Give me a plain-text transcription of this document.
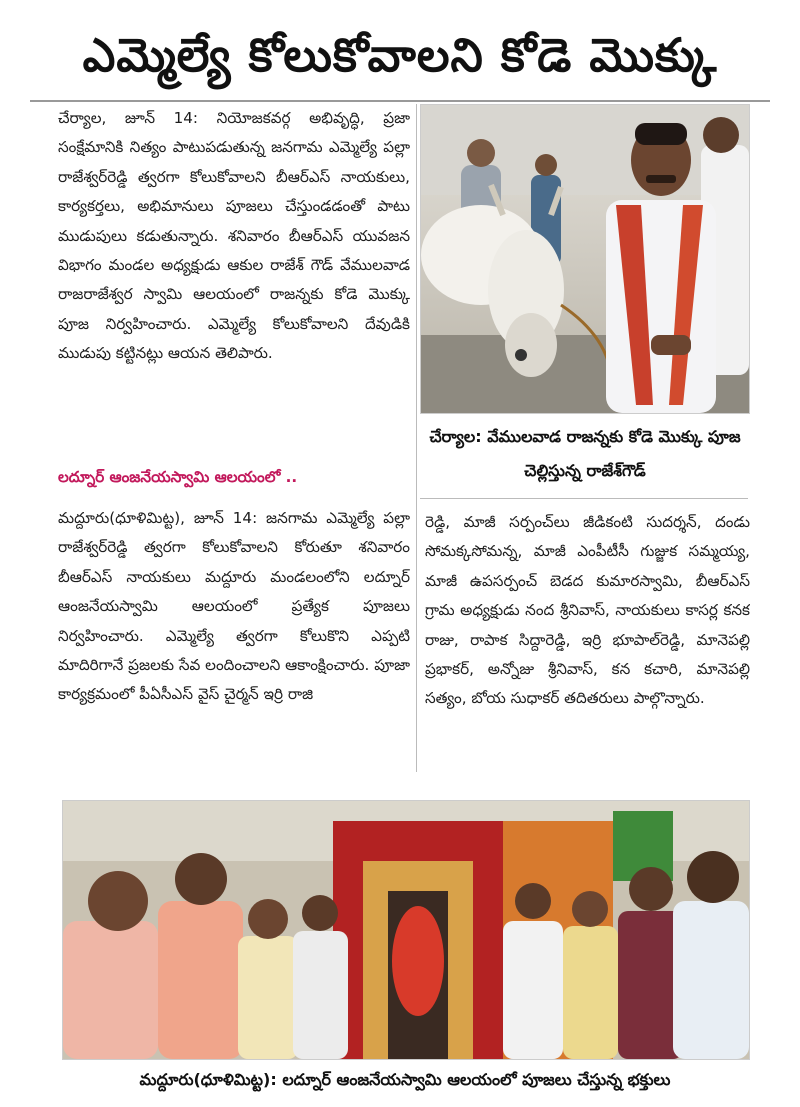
ఎమ్మెల్యే కోలుకోవాలని కోడె మొక్కు

చేర్యాల, జూన్ 14: నియోజకవర్గ అభివృద్ధి, ప్రజా సంక్షేమానికి నిత్యం పాటుపడుతున్న జనగామ ఎమ్మెల్యే పల్లా రాజేశ్వర్‌రెడ్డి త్వరగా కోలుకోవాలని బీఆర్‌ఎస్ నాయకులు, కార్యకర్తలు, అభిమానులు పూజలు చేస్తుండడంతో పాటు ముడుపులు కడుతున్నారు. శనివారం బీఆర్‌ఎస్ యువజన విభాగం మండల అధ్యక్షుడు ఆకుల రాజేశ్ గౌడ్ వేములవాడ రాజరాజేశ్వర స్వామి ఆలయంలో రాజన్నకు కోడె మొక్కు పూజ నిర్వహించారు. ఎమ్మెల్యే కోలుకోవాలని దేవుడికి ముడుపు కట్టినట్లు ఆయన తెలిపారు.

చేర్యాల: వేములవాడ రాజన్నకు కోడె మొక్కు పూజ చెల్లిస్తున్న రాజేశ్‌గౌడ్
లద్నూర్ ఆంజనేయస్వామి ఆలయంలో ..

మద్దూరు(ధూళిమిట్ట), జూన్ 14: జనగామ ఎమ్మెల్యే పల్లా రాజేశ్వర్‌రెడ్డి త్వరగా కోలుకోవాలని కోరుతూ శనివారం బీఆర్‌ఎస్ నాయకులు మద్దూరు మండలంలోని లద్నూర్ ఆంజనేయస్వామి ఆలయంలో ప్రత్యేక పూజలు నిర్వహించారు. ఎమ్మెల్యే త్వరగా కోలుకొని ఎప్పటి మాదిరిగానే ప్రజలకు సేవ లందించాలని ఆకాంక్షించారు. పూజా కార్యక్రమంలో పీఏసీఎస్ వైస్ చైర్మన్ ఇర్రి రాజి

రెడ్డి, మాజీ సర్పంచ్‌లు జీడికంటి సుదర్శన్, దండు సోమక్కసోమన్న, మాజీ ఎంపీటీసీ గుజ్జుక సమ్మయ్య, మాజీ ఉపసర్పంచ్ బెడద కుమారస్వామి, బీఆర్‌ఎస్ గ్రామ అధ్యక్షుడు నంద శ్రీనివాస్, నాయకులు కాసర్ల కనక రాజు, రాపాక సిద్దారెడ్డి, ఇర్రి భూపాల్‌రెడ్డి, మానెపల్లి ప్రభాకర్, అన్నోజు శ్రీనివాస్, కన కచారి, మానెపల్లి సత్యం, బోయ సుధాకర్ తదితరులు పాల్గొన్నారు.

మద్దూరు(ధూళిమిట్ట): లద్నూర్ ఆంజనేయస్వామి ఆలయంలో పూజలు చేస్తున్న భక్తులు
